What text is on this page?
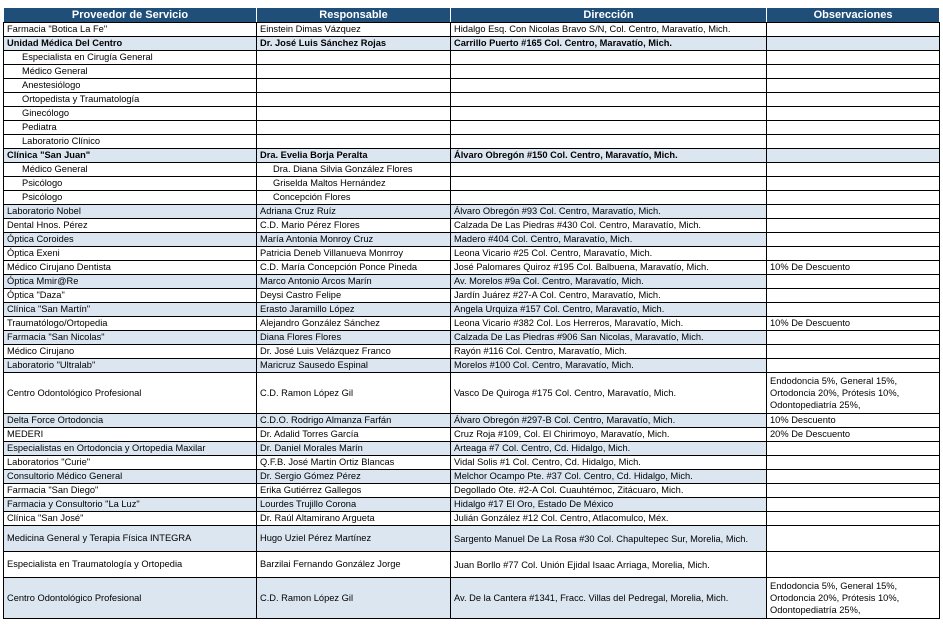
Proveedor de Servicio	Responsable	Dirección	Observaciones
Farmacia "Botica La Fe"	Einstein Dimas Vázquez	Hidalgo Esq. Con Nicolas Bravo S/N, Col. Centro, Maravatío, Mich.	
Unidad Médica Del Centro	Dr. José Luis Sánchez Rojas	Carrillo Puerto #165 Col. Centro, Maravatío, Mich.	
Especialista en Cirugía General			
Médico General			
Anestesiólogo			
Ortopedista y Traumatología			
Ginecólogo			
Pediatra			
Laboratorio Clínico			
Clínica "San Juan"	Dra. Evelia Borja Peralta	Álvaro Obregón #150 Col. Centro, Maravatío, Mich.	
Médico General	Dra. Diana Silvia González Flores		
Psicólogo	Griselda Maltos Hernández		
Psicólogo	Concepción Flores		
Laboratorio Nobel	Adriana Cruz Ruíz	Álvaro Obregón #93 Col. Centro, Maravatío, Mich.	
Dental Hnos. Pérez	C.D. Mario Pérez Flores	Calzada De Las Piedras #430 Col. Centro, Maravatío, Mich.	
Óptica Coroides	María Antonia Monroy Cruz	Madero #404 Col. Centro, Maravatío, Mich.	
Óptica Exeni	Patricia Deneb Villanueva Monrroy	Leona Vicario #25 Col. Centro, Maravatío, Mich.	
Médico Cirujano Dentista	C.D. María Concepción Ponce Pineda	José Palomares Quiroz #195 Col. Balbuena, Maravatío, Mich.	10% De Descuento
Óptica Mmir@Re	Marco Antonio Arcos Marín	Av. Morelos #9a Col. Centro, Maravatío, Mich.	
Óptica "Daza"	Deysi Castro Felipe	Jardín Juárez #27-A Col. Centro, Maravatío, Mich.	
Clínica "San Martín"	Erasto Jaramillo López	Angela Urquiza #157 Col. Centro, Maravatío, Mich.	
Traumatólogo/Ortopedia	Alejandro González Sánchez	Leona Vicario #382 Col. Los Herreros, Maravatío, Mich.	10% De Descuento
Farmacia "San Nicolas"	Diana Flores Flores	Calzada De Las Piedras #906 San Nicolas, Maravatío, Mich.	
Médico Cirujano	Dr. José Luis Velázquez Franco	Rayón #116 Col. Centro, Maravatío, Mich.	
Laboratorio "Ultralab"	Maricruz Sausedo Espinal	Morelos #100 Col. Centro, Maravatío, Mich.	
Centro Odontológico Profesional	C.D. Ramon López Gil	Vasco De Quiroga #175 Col. Centro, Maravatío, Mich.	Endodoncia 5%, General 15%, Ortodoncia 20%, Prótesis 10%, Odontopediatría 25%,
Delta Force Ortodoncia	C.D.O. Rodrigo Almanza Farfán	Álvaro Obregón #297-B Col. Centro, Maravatío, Mich.	10% Descuento
MEDERI	Dr. Adalid Torres García	Cruz Roja #109, Col. El Chirimoyo, Maravatío, Mich.	20% De Descuento
Especialistas en Ortodoncia y Ortopedia Maxilar	Dr. Daniel Morales Marín	Arteaga #7 Col. Centro, Cd. Hidalgo, Mich.	
Laboratorios "Curie"	Q.F.B. José Martin Ortiz Blancas	Vidal Solis #1 Col. Centro, Cd. Hidalgo, Mich.	
Consultorio Médico General	Dr. Sergio Gómez Pérez	Melchor Ocampo Pte. #37 Col. Centro, Cd. Hidalgo, Mich.	
Farmacia "San Diego"	Erika Gutiérrez Gallegos	Degollado Ote. #2-A Col. Cuauhtémoc, Zitácuaro, Mich.	
Farmacia y Consultorio "La Luz"	Lourdes Trujillo Corona	Hidalgo #17 El Oro, Estado De México	
Clínica "San José"	Dr. Raúl Altamirano Argueta	Julián González #12 Col. Centro, Atlacomulco, Méx.	
Medicina General y Terapia Física INTEGRA	Hugo Uziel Pérez Martínez	Sargento Manuel De La Rosa #30 Col. Chapultepec Sur, Morelia, Mich.	
Especialista en Traumatología y Ortopedia	Barzilai Fernando González Jorge	Juan Borllo #77 Col. Unión Ejidal Isaac Arriaga, Morelia, Mich.	
Centro Odontológico Profesional	C.D. Ramon López Gil	Av. De la Cantera #1341, Fracc. Villas del Pedregal, Morelia, Mich.	Endodoncia 5%, General 15%, Ortodoncia 20%, Prótesis 10%, Odontopediatría 25%,
